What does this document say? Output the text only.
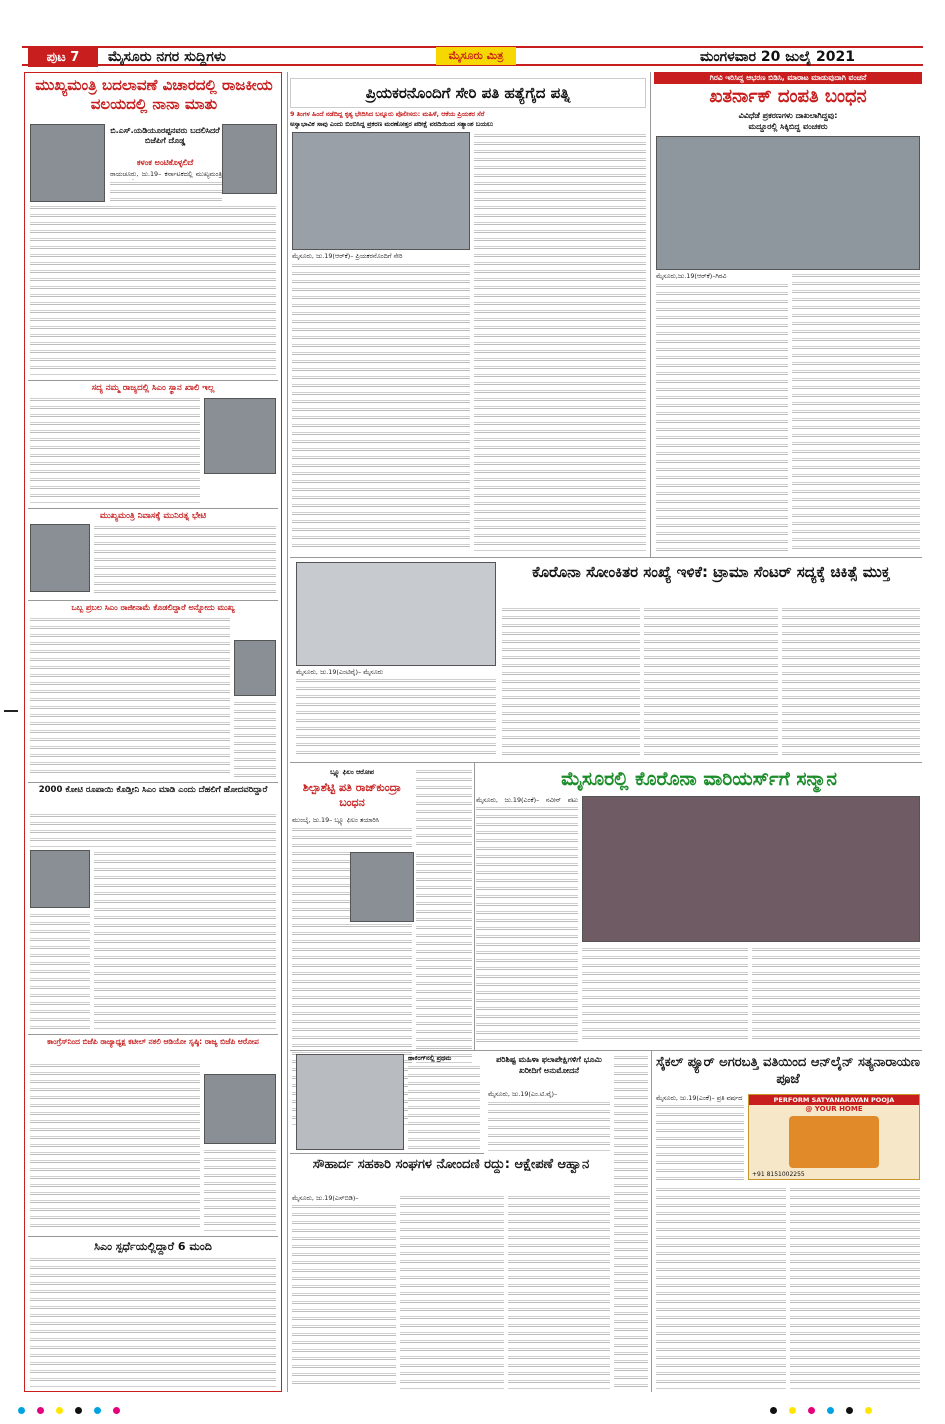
ಪುಟ 7	ಮೈಸೂರು ನಗರ ಸುದ್ದಿಗಳು	ಮೈಸೂರು ಮಿತ್ರ	ಮಂಗಳವಾರ 20 ಜುಲೈ 2021
ಮುಖ್ಯಮಂತ್ರಿ ಬದಲಾವಣೆ ವಿಚಾರದಲ್ಲಿ ರಾಜಕೀಯ ವಲಯದಲ್ಲಿ ನಾನಾ ಮಾತು
ಬಿ.ಎಸ್.ಯಡಿಯೂರಪ್ಪನವರು ಬದಲಿಸಿದರೆ ಬಿಜೆಪಿಗೆ ದೊಡ್ಡ
ಕಳಂಕ ಅಂಟಿಕೊಳ್ಳಲಿದೆ
ರಾಯಚೂರು, ಜು.19– ಕರ್ನಾಟಕದಲ್ಲಿ ಮುಖ್ಯಮಂತ್ರಿ
ಸದ್ಯ ನಮ್ಮ ರಾಜ್ಯದಲ್ಲಿ ಸಿಎಂ ಸ್ಥಾನ ಖಾಲಿ ಇಲ್ಲ
ಮುಖ್ಯಮಂತ್ರಿ ನಿವಾಸಕ್ಕೆ ಮುನಿರತ್ನ ಭೇಟಿ
ಒಬ್ಬ ಪ್ರಬಲ ಸಿಎಂ ರಾಜೀನಾಮೆ ಕೊಡಲಿದ್ದಾರೆ ಅನ್ನೋದು ಮುಖ್ಯ
2000 ಕೋಟಿ ರೂಪಾಯಿ ಕೊಡ್ತೀನಿ ಸಿಎಂ ಮಾಡಿ ಎಂದು ದೆಹಲಿಗೆ ಹೋದವರಿದ್ದಾರೆ
ಕಾಂಗ್ರೆಸ್‌ನಿಂದ ಬಿಜೆಪಿ ರಾಜ್ಯಾಧ್ಯಕ್ಷ ಕಟೀಲ್ ನಕಲಿ ಆಡಿಯೋ ಸೃಷ್ಠಿ: ರಾಜ್ಯ ಬಿಜೆಪಿ ಆರೋಪ
ಸಿಎಂ ಸ್ಪರ್ಧೆಯಲ್ಲಿದ್ದಾರೆ 6 ಮಂದಿ
ಪ್ರಿಯಕರನೊಂದಿಗೆ ಸೇರಿ ಪತಿ ಹತ್ಯೆಗೈದ ಪತ್ನಿ
9 ತಿಂಗಳ ಹಿಂದೆ ನಡೆದಿದ್ದ ಕೃತ್ಯ ಭೇದಿಸಿದ ಬನ್ನೂರು ಪೊಲೀಸರು: ಮಹಿಳೆ, ಆಕೆಯ ಪ್ರಿಯಕರ ಸೆರೆ
ಅಸ್ವಾಭಾವಿಕ ಸಾವು ಎಂದು ಬಿಂಬಿಸಿದ್ದ ಪ್ರಕರಣ ಮರಣೋತ್ತರ ಪರೀಕ್ಷೆ ವರದಿಯಿಂದ ಸತ್ಯಾಂಶ ಬಯಲು
ಮೈಸೂರು, ಜು.19(ಆರ್‌ಕೆ)– ಪ್ರಿಯಕರನೊಂದಿಗೆ ಸೇರಿ
ಗಿರವಿ ಇರಿಸಿದ್ದ ಆಭರಣ ಬಿಡಿಸಿ, ಮಾರಾಟ ಮಾಡುವುದಾಗಿ ವಂಚನೆ
ಖತರ್ನಾಕ್ ದಂಪತಿ ಬಂಧನ
ವಿವಿಧೆಡೆ ಪ್ರಕರಣಗಳು ದಾಖಲಾಗಿದ್ದವು:
ಮದ್ದೂರಲ್ಲಿ ಸಿಕ್ಕಿಬಿದ್ದ ವಂಚಕರು
ಮೈಸೂರು,ಜು.19(ಆರ್‌ಕೆ)–ಗಿರವಿ
ಕೊರೊನಾ ಸೋಂಕಿತರ ಸಂಖ್ಯೆ ಇಳಿಕೆ: ಟ್ರಾಮಾ ಸೆಂಟರ್ ಸದ್ಯಕ್ಕೆ ಚಿಕಿತ್ಸೆ ಮುಕ್ತ
ಮೈಸೂರು, ಜು.19(ಎಂಟಿವೈ)– ಮೈಸೂರು
ಬ್ಲ್ಯೂ ಫಿಲಂ ಆರೋಪ
ಶಿಲ್ಪಾಶೆಟ್ಟಿ ಪತಿ ರಾಜ್‌ಕುಂದ್ರಾ ಬಂಧನ
ಮುಂಬೈ, ಜು.19– ಬ್ಲ್ಯೂ ಫಿಲಂ ತಯಾರಿಸಿ
ಮೈಸೂರಲ್ಲಿ ಕೊರೊನಾ ವಾರಿಯರ್ಸ್‌ಗೆ ಸನ್ಮಾನ
ಮೈಸೂರು, ಜು.19(ಎಂಕೆ)– ನವೀನ್ ಪಟು
ಹಾಕಿಂಗ್‌ನಲ್ಲಿ ಪ್ರಥಮ
ಸೌಹಾರ್ದ ಸಹಕಾರಿ ಸಂಘಗಳ ನೋಂದಣಿ ರದ್ದು: ಆಕ್ಷೇಪಣೆ ಆಹ್ವಾನ
ಮೈಸೂರು, ಜು.19(ಎಸ್‌ಬಿಡಿ)–
ಪರಿಶಿಷ್ಟ ಮಹಿಳಾ ಫಲಾಪೇಕ್ಷಿಗಳಿಗೆ ಭೂಮಿ ಖರೀದಿಗೆ ಅನುಮೋದನೆ
ಮೈಸೂರು, ಜು.19(ಎಂ.ಟಿ.ವೈ)–
ಸೈಕಲ್ ಪ್ಯೂರ್ ಅಗರಬತ್ತಿ ವತಿಯಿಂದ ಆನ್‌ಲೈನ್ ಸತ್ಯನಾರಾಯಣ ಪೂಜೆ
ಮೈಸೂರು, ಜು.19(ಎಂಕೆ)– ಪ್ರತಿ ವರ್ಷದ	PERFORM SATYANARAYAN POOJA
@ YOUR HOME
+91 8151002255
